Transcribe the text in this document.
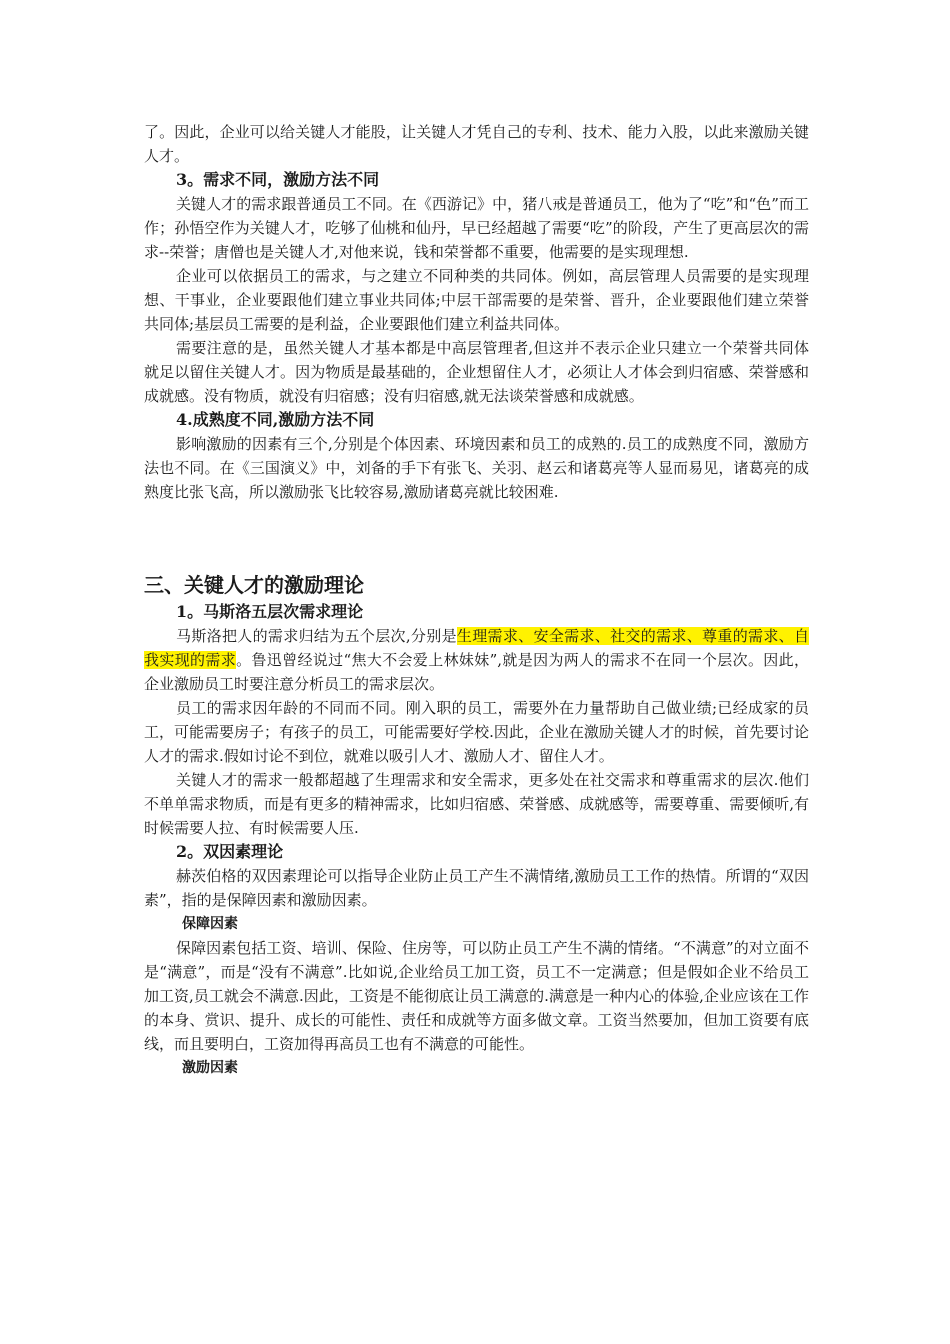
了。因此，企业可以给关键人才能股，让关键人才凭自己的专利、技术、能力入股，以此来激励关键人才。

3。需求不同，激励方法不同

关键人才的需求跟普通员工不同。在《西游记》中，猪八戒是普通员工，他为了“吃”和“色”而工作；孙悟空作为关键人才，吃够了仙桃和仙丹，早已经超越了需要“吃”的阶段，产生了更高层次的需求--荣誉；唐僧也是关键人才,对他来说，钱和荣誉都不重要，他需要的是实现理想.

企业可以依据员工的需求，与之建立不同种类的共同体。例如，高层管理人员需要的是实现理想、干事业，企业要跟他们建立事业共同体;中层干部需要的是荣誉、晋升，企业要跟他们建立荣誉共同体;基层员工需要的是利益，企业要跟他们建立利益共同体。

需要注意的是，虽然关键人才基本都是中高层管理者,但这并不表示企业只建立一个荣誉共同体就足以留住关键人才。因为物质是最基础的，企业想留住人才，必须让人才体会到归宿感、荣誉感和成就感。没有物质，就没有归宿感；没有归宿感,就无法谈荣誉感和成就感。

4.成熟度不同,激励方法不同

影响激励的因素有三个,分别是个体因素、环境因素和员工的成熟的.员工的成熟度不同，激励方法也不同。在《三国演义》中，刘备的手下有张飞、关羽、赵云和诸葛亮等人显而易见，诸葛亮的成熟度比张飞高，所以激励张飞比较容易,激励诸葛亮就比较困难.

三、关键人才的激励理论

1。马斯洛五层次需求理论

马斯洛把人的需求归结为五个层次,分别是生理需求、安全需求、社交的需求、尊重的需求、自我实现的需求。鲁迅曾经说过“焦大不会爱上林妹妹”,就是因为两人的需求不在同一个层次。因此，企业激励员工时要注意分析员工的需求层次。

员工的需求因年龄的不同而不同。刚入职的员工，需要外在力量帮助自己做业绩;已经成家的员工，可能需要房子；有孩子的员工，可能需要好学校.因此，企业在激励关键人才的时候，首先要讨论人才的需求.假如讨论不到位，就难以吸引人才、激励人才、留住人才。

关键人才的需求一般都超越了生理需求和安全需求，更多处在社交需求和尊重需求的层次.他们不单单需求物质，而是有更多的精神需求，比如归宿感、荣誉感、成就感等，需要尊重、需要倾听,有时候需要人拉、有时候需要人压.

2。双因素理论

赫茨伯格的双因素理论可以指导企业防止员工产生不满情绪,激励员工工作的热情。所谓的“双因素”，指的是保障因素和激励因素。

保障因素

保障因素包括工资、培训、保险、住房等，可以防止员工产生不满的情绪。“不满意”的对立面不是“满意”，而是“没有不满意”.比如说,企业给员工加工资，员工不一定满意；但是假如企业不给员工加工资,员工就会不满意.因此，工资是不能彻底让员工满意的.满意是一种内心的体验,企业应该在工作的本身、赏识、提升、成长的可能性、责任和成就等方面多做文章。工资当然要加，但加工资要有底线，而且要明白，工资加得再高员工也有不满意的可能性。

激励因素
